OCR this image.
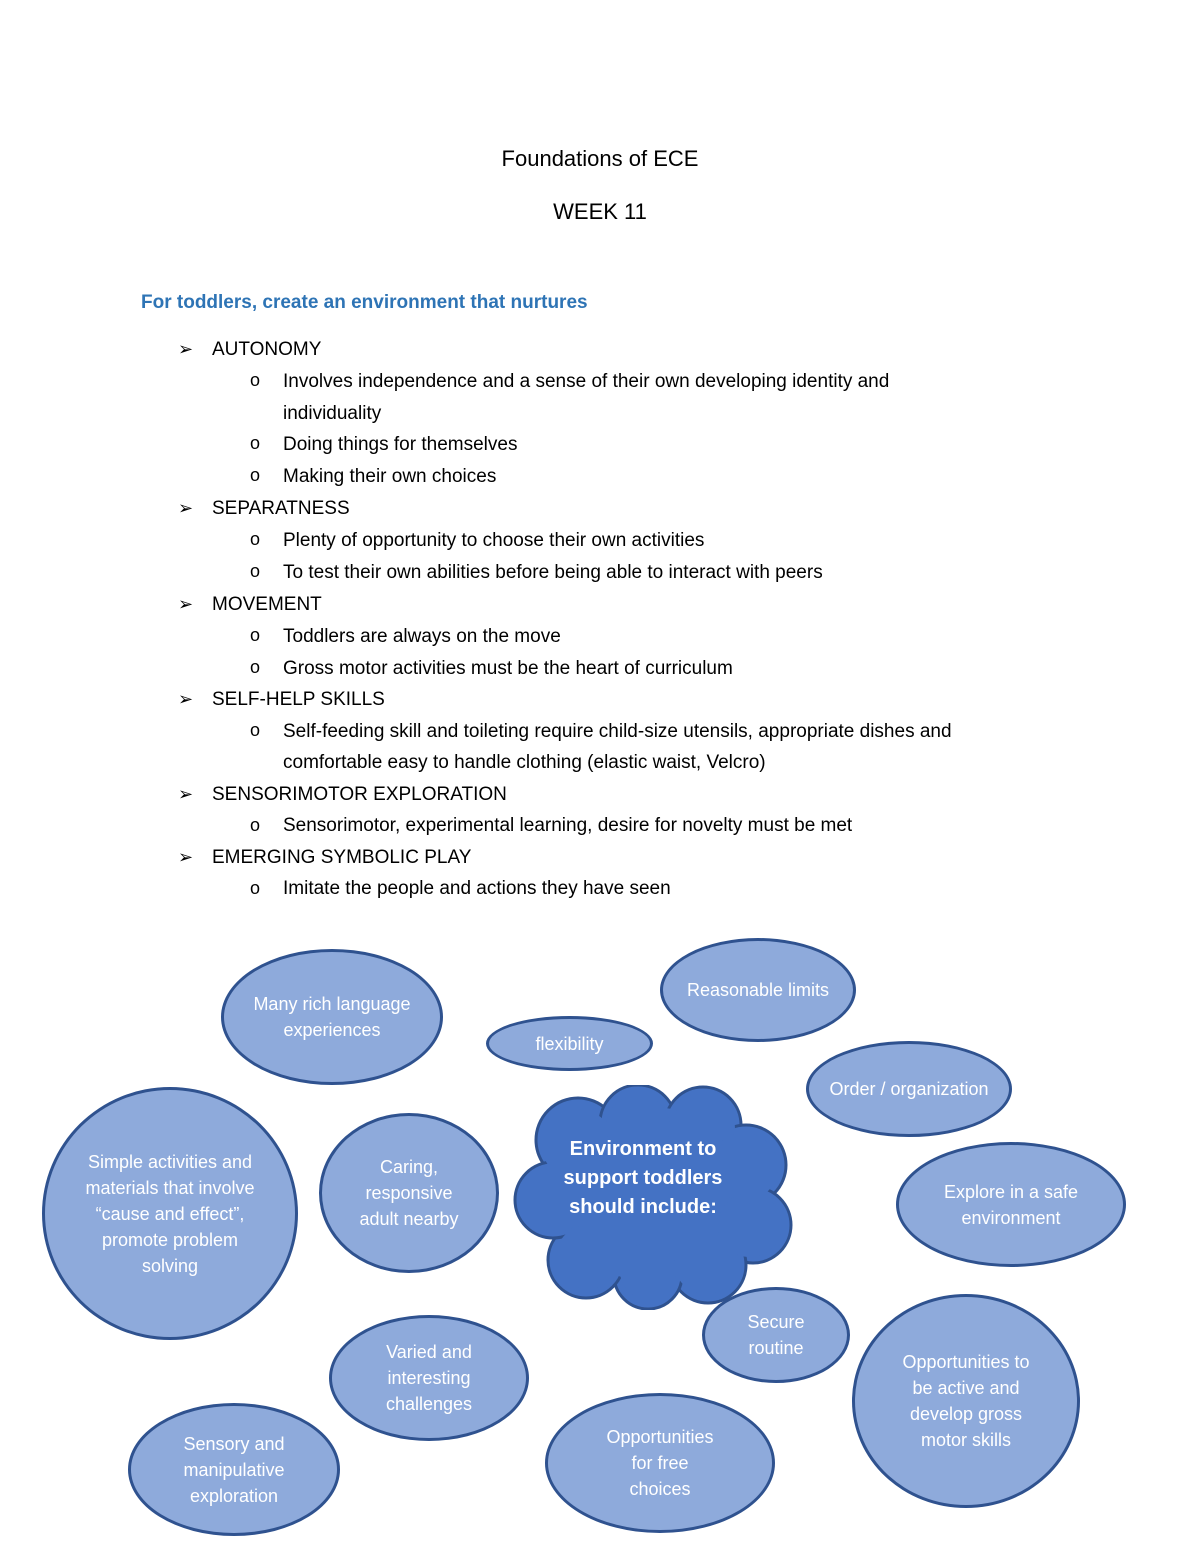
Foundations of ECE
WEEK 11
For toddlers, create an environment that nurtures
➢ AUTONOMY
o Involves independence and a sense of their own developing identity and
individuality
o Doing things for themselves
o Making their own choices
➢ SEPARATNESS
o Plenty of opportunity to choose their own activities
o To test their own abilities before being able to interact with peers
➢ MOVEMENT
o Toddlers are always on the move
o Gross motor activities must be the heart of curriculum
➢ SELF-HELP SKILLS
o Self-feeding skill and toileting require child-size utensils, appropriate dishes and
comfortable easy to handle clothing (elastic waist, Velcro)
➢ SENSORIMOTOR EXPLORATION
o Sensorimotor, experimental learning, desire for novelty must be met
➢ EMERGING SYMBOLIC PLAY
o Imitate the people and actions they have seen
Environment to support toddlers should include:
Many rich language experiences
flexibility
Reasonable limits
Order / organization
Simple activities and materials that involve “cause and effect”, promote problem solving
Caring, responsive adult nearby
Explore in a safe environment
Secure routine
Varied and interesting challenges
Opportunities to be active and develop gross motor skills
Sensory and manipulative exploration
Opportunities for free choices
